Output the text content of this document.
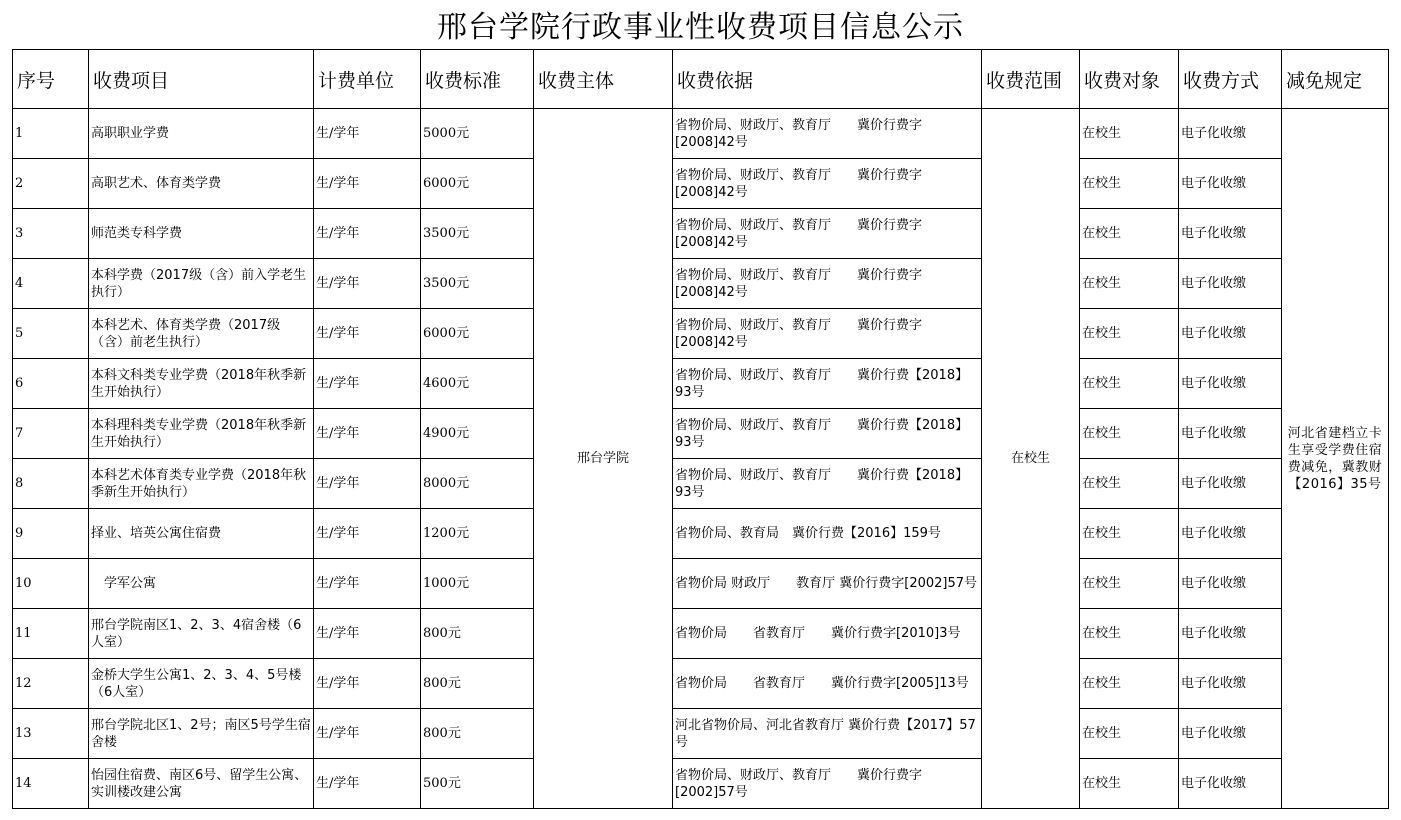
邢台学院行政事业性收费项目信息公示
序号	收费项目	计费单位	收费标准	收费主体	收费依据	收费范围	收费对象	收费方式	减免规定
1	高职职业学费	生/学年	5000元	邢台学院	省物价局、财政厅、教育厅　　冀价行费字[2008]42号	在校生	在校生	电子化收缴	河北省建档立卡生享受学费住宿费减免，冀教财【2016】35号
2	高职艺术、体育类学费	生/学年	6000元		省物价局、财政厅、教育厅　　冀价行费字[2008]42号		在校生	电子化收缴	
3	师范类专科学费	生/学年	3500元		省物价局、财政厅、教育厅　　冀价行费字[2008]42号		在校生	电子化收缴	
4	本科学费（2017级（含）前入学老生执行）	生/学年	3500元		省物价局、财政厅、教育厅　　冀价行费字[2008]42号		在校生	电子化收缴	
5	本科艺术、体育类学费（2017级（含）前老生执行）	生/学年	6000元		省物价局、财政厅、教育厅　　冀价行费字[2008]42号		在校生	电子化收缴	
6	本科文科类专业学费（2018年秋季新生开始执行）	生/学年	4600元		省物价局、财政厅、教育厅　　冀价行费【2018】93号		在校生	电子化收缴	
7	本科理科类专业学费（2018年秋季新生开始执行）	生/学年	4900元		省物价局、财政厅、教育厅　　冀价行费【2018】93号		在校生	电子化收缴	
8	本科艺术体育类专业学费（2018年秋季新生开始执行）	生/学年	8000元		省物价局、财政厅、教育厅　　冀价行费【2018】93号		在校生	电子化收缴	
9	择业、培英公寓住宿费	生/学年	1200元		省物价局、教育局　冀价行费【2016】159号		在校生	电子化收缴	
10	　学军公寓	生/学年	1000元		省物价局 财政厅　　教育厅 冀价行费字[2002]57号		在校生	电子化收缴	
11	邢台学院南区1、2、3、4宿舍楼（6人室）	生/学年	800元		省物价局　　省教育厅　　冀价行费字[2010]3号		在校生	电子化收缴	
12	金桥大学生公寓1、2、3、4、5号楼（6人室）	生/学年	800元		省物价局　　省教育厅　　冀价行费字[2005]13号		在校生	电子化收缴	
13	邢台学院北区1、2号；南区5号学生宿舍楼	生/学年	800元		河北省物价局、河北省教育厅 冀价行费【2017】57号		在校生	电子化收缴	
14	怡园住宿费、南区6号、留学生公寓、实训楼改建公寓	生/学年	500元		省物价局、财政厅、教育厅　　冀价行费字[2002]57号		在校生	电子化收缴	
